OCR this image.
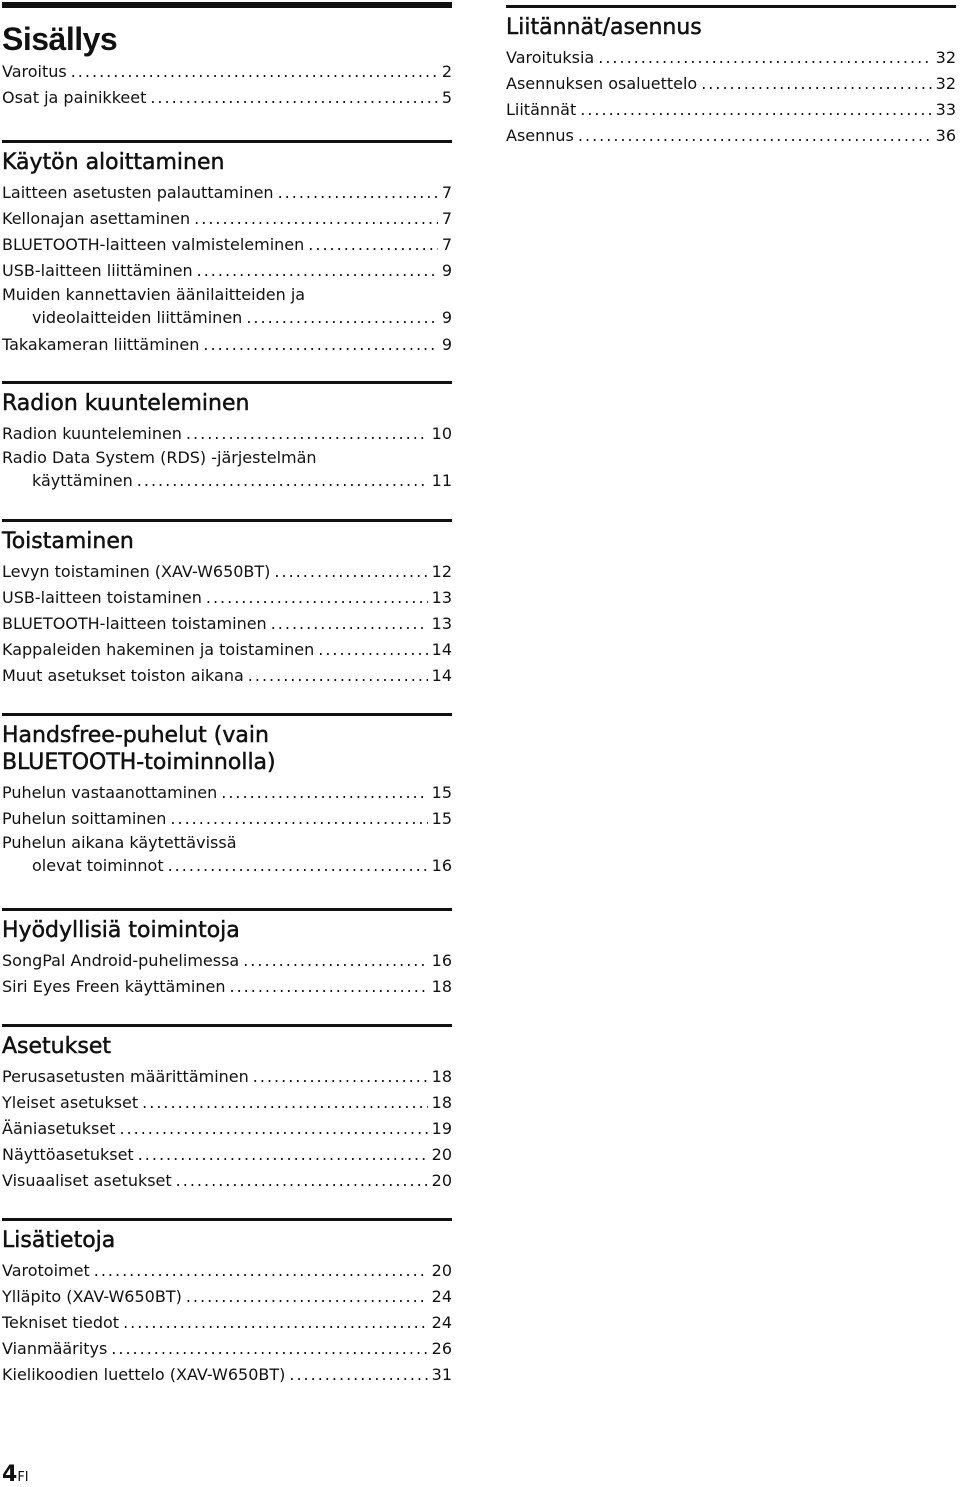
Sisällys
Varoitus .....	2
Osat ja painikkeet .....	5
Käytön aloittaminen
Laitteen asetusten palauttaminen .....	7
Kellonajan asettaminen .....	7
BLUETOOTH-laitteen valmisteleminen .....	7
USB-laitteen liittäminen .....	9
Muiden kannettavien äänilaitteiden ja
videolaitteiden liittäminen .....	9
Takakameran liittäminen .....	9
Radion kuunteleminen
Radion kuunteleminen .....	10
Radio Data System (RDS) -järjestelmän
käyttäminen .....	11
Toistaminen
Levyn toistaminen (XAV-W650BT) .....	12
USB-laitteen toistaminen .....	13
BLUETOOTH-laitteen toistaminen .....	13
Kappaleiden hakeminen ja toistaminen .....	14
Muut asetukset toiston aikana .....	14
Handsfree-puhelut (vain
BLUETOOTH-toiminnolla)
Puhelun vastaanottaminen .....	15
Puhelun soittaminen .....	15
Puhelun aikana käytettävissä
olevat toiminnot .....	16
Hyödyllisiä toimintoja
SongPal Android-puhelimessa .....	16
Siri Eyes Freen käyttäminen .....	18
Asetukset
Perusasetusten määrittäminen .....	18
Yleiset asetukset .....	18
Ääniasetukset .....	19
Näyttöasetukset .....	20
Visuaaliset asetukset .....	20
Lisätietoja
Varotoimet .....	20
Ylläpito (XAV-W650BT) .....	24
Tekniset tiedot .....	24
Vianmääritys .....	26
Kielikoodien luettelo (XAV-W650BT) .....	31
Liitännät/asennus
Varoituksia .....	32
Asennuksen osaluettelo .....	32
Liitännät .....	33
Asennus .....	36
4FI
